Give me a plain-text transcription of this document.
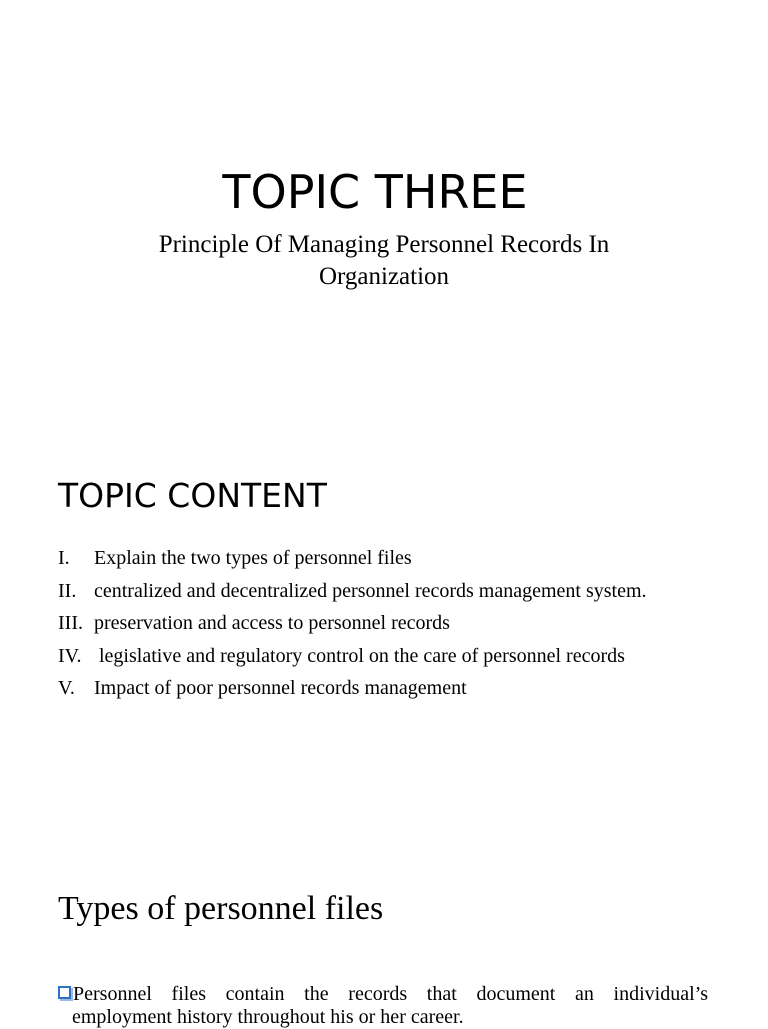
TOPIC THREE

Principle Of Managing Personnel Records In Organization

TOPIC CONTENT
I. Explain the two types of personnel files
II. centralized and decentralized personnel records management system.
III. preservation and access to personnel records
IV. legislative and regulatory control on the care of personnel records
V. Impact of poor personnel records management
Types of personnel files
Personnel files contain the records that document an individual’s
employment history throughout his or her career.
